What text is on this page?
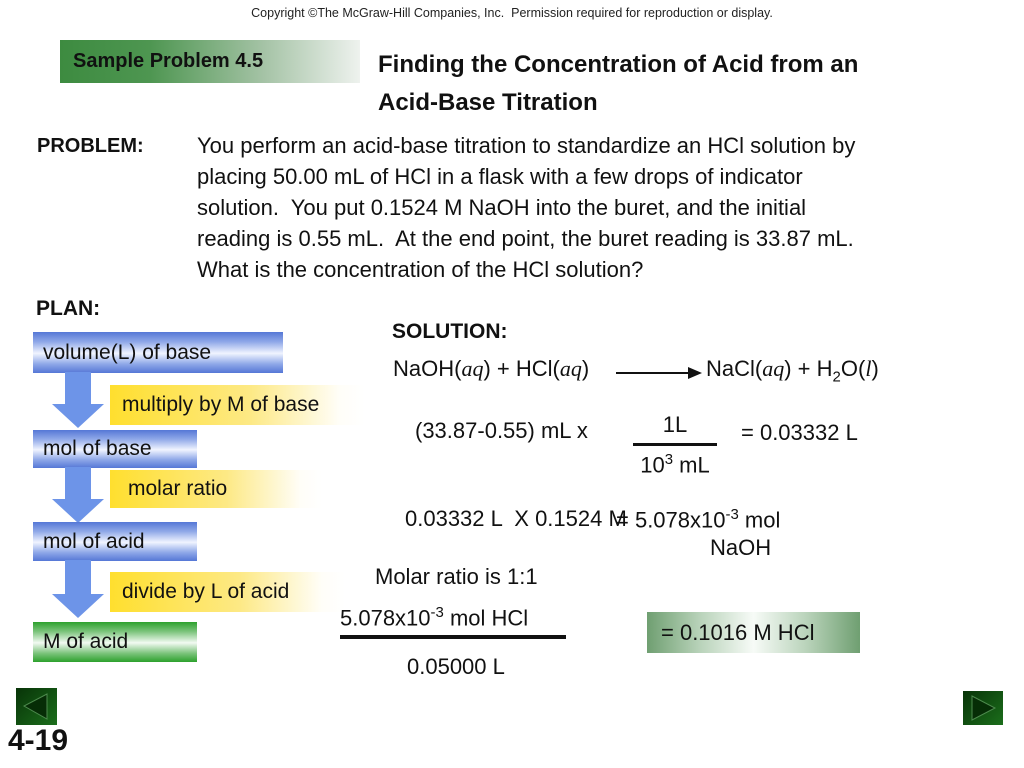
Copyright ©The McGraw-Hill Companies, Inc.  Permission required for reproduction or display.
Sample Problem 4.5	Finding the Concentration of Acid from an
Acid-Base Titration
PROBLEM: You perform an acid-base titration to standardize an HCl solution by
placing 50.00 mL of HCl in a flask with a few drops of indicator
solution.  You put 0.1524 M NaOH into the buret, and the initial
reading is 0.55 mL.  At the end point, the buret reading is 33.87 mL.
What is the concentration of the HCl solution?
PLAN:
volume(L) of base
multiply by M of base
mol of base
molar ratio
mol of acid
divide by L of acid
M of acid
SOLUTION:
NaOH(aq) + HCl(aq)	NaCl(aq) + $H_2O(l)$
(33.87-0.55) mL x	1L
$10^3$ mL
= 0.03332 L
0.03332 L  X 0.1524 M
= $5.078x10^{-3}$ mol
NaOH
Molar ratio is 1:1
$5.078x10^{-3}$ mol HCl
0.05000 L
= 0.1016 M HCl
4-19
